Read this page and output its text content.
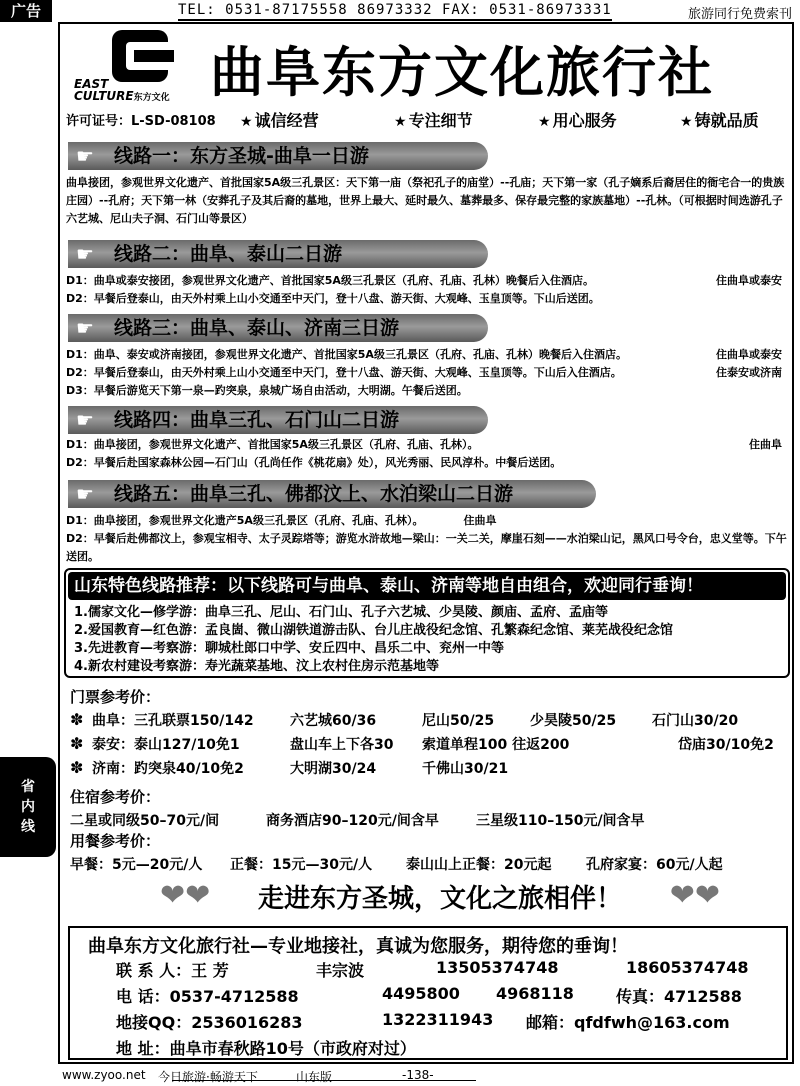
广告	TEL: 0531-87175558 86973332 FAX: 0531-86973331	旅游同行免费索刊

省

内

线

EAST
CULTURE东方文化 曲阜东方文化旅行社
许可证号：L-SD-08108 ★ 诚信经营	★ 专注细节	★ 用心服务	★ 铸就品质
☛ 线路一：东方圣城-曲阜一日游

曲阜接团，参观世界文化遗产、首批国家5A级三孔景区：天下第一庙（祭祀孔子的庙堂）--孔庙；天下第一家（孔子嫡系后裔居住的衙宅合一的贵族庄园）--孔府；天下第一林（安葬孔子及其后裔的墓地，世界上最大、延时最久、墓葬最多、保存最完整的家族墓地）--孔林。（可根据时间选游孔子六艺城、尼山夫子洞、石门山等景区）

☛ 线路二：曲阜、泰山二日游

D1：曲阜或泰安接团，参观世界文化遗产、首批国家5A级三孔景区（孔府、孔庙、孔林）晚餐后入住酒店。	住曲阜或泰安

D2：早餐后登泰山，由天外村乘上山小交通至中天门，登十八盘、游天街、大观峰、玉皇顶等。下山后送团。

☛ 线路三：曲阜、泰山、济南三日游

D1：曲阜、泰安或济南接团，参观世界文化遗产、首批国家5A级三孔景区（孔府、孔庙、孔林）晚餐后入住酒店。	住曲阜或泰安

D2：早餐后登泰山，由天外村乘上山小交通至中天门，登十八盘、游天街、大观峰、玉皇顶等。下山后入住酒店。	住泰安或济南

D3：早餐后游览天下第一泉—趵突泉，泉城广场自由活动，大明湖。午餐后送团。

☛ 线路四：曲阜三孔、石门山二日游

D1：曲阜接团，参观世界文化遗产、首批国家5A级三孔景区（孔府、孔庙、孔林）。	住曲阜

D2：早餐后赴国家森林公园—石门山（孔尚任作《桃花扇》处），风光秀丽、民风淳朴。中餐后送团。

☛ 线路五：曲阜三孔、佛都汶上、水泊梁山二日游

D1：曲阜接团，参观世界文化遗产5A级三孔景区（孔府、孔庙、孔林）。	住曲阜

D2：早餐后赴佛都汶上，参观宝相寺、太子灵踪塔等；游览水浒故地—梁山：一关二关，摩崖石刻——水泊梁山记，黑风口号令台，忠义堂等。下午送团。

山东特色线路推荐：以下线路可与曲阜、泰山、济南等地自由组合，欢迎同行垂询！

1.儒家文化—修学游：曲阜三孔、尼山、石门山、孔子六艺城、少昊陵、颜庙、孟府、孟庙等

2.爱国教育—红色游：孟良崮、微山湖铁道游击队、台儿庄战役纪念馆、孔繁森纪念馆、莱芜战役纪念馆

3.先进教育—考察游：聊城杜郎口中学、安丘四中、昌乐二中、兖州一中等

4.新农村建设考察游：寿光蔬菜基地、汶上农村住房示范基地等

门票参考价：
✽ 曲阜：三孔联票150/142	六艺城60/36	尼山50/25	少昊陵50/25	石门山30/20
✽ 泰安：泰山127/10免1	盘山车上下各30 索道单程100 往返200	岱庙30/10免2
✽ 济南：趵突泉40/10免2	大明湖30/24	千佛山30/21
住宿参考价：
二星或同级50–70元/间	商务酒店90–120元/间含早	三星级110–150元/间含早
用餐参考价：
早餐：5元—20元/人 正餐：15元—30元/人 泰山山上正餐：20元起 孔府家宴：60元/人起
❤❤ 走进东方圣城，文化之旅相伴！ ❤❤
曲阜东方文化旅行社—专业地接社，真诚为您服务，期待您的垂询！
联 系 人：王 芳	丰宗波	13505374748	18605374748
电 话：0537-4712588	4495800 4968118	传真：4712588
地接QQ：2536016283	1322311943 邮箱：qfdfwh@163.com
地 址：曲阜市春秋路10号（市政府对过）
www.zyoo.net 今日旅游·畅游天下	山东版	-138-
